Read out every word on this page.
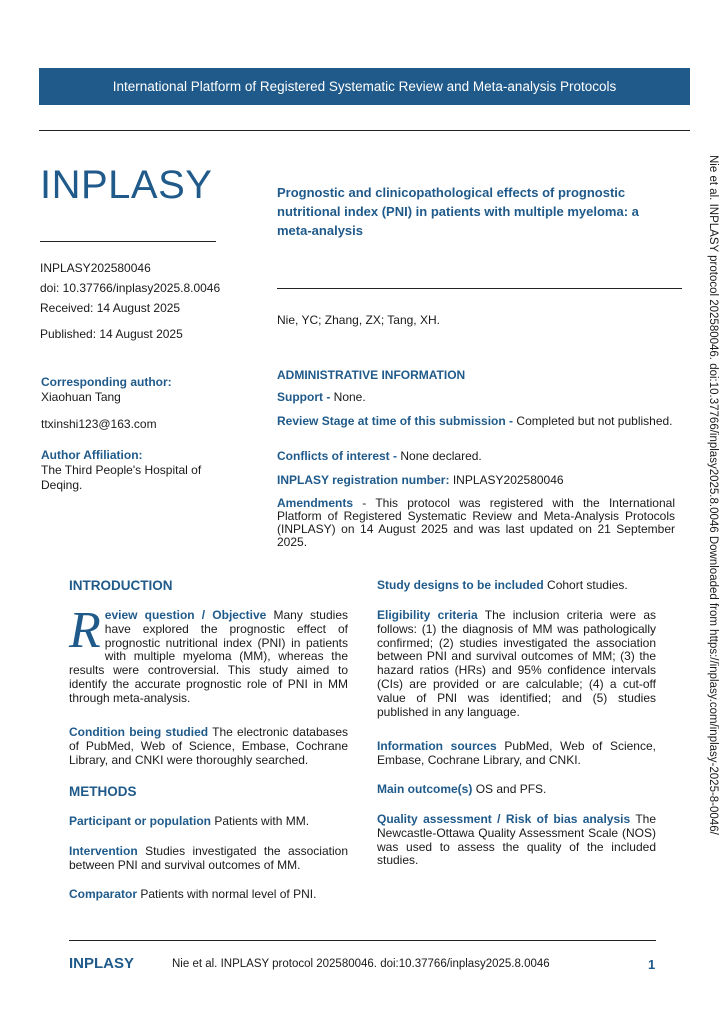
International Platform of Registered Systematic Review and Meta-analysis Protocols
INPLASY
INPLASY202580046
doi: 10.37766/inplasy2025.8.0046
Received: 14 August 2025
Published: 14 August 2025
Prognostic and clinicopathological effects of prognostic nutritional index (PNI) in patients with multiple myeloma: a meta-analysis
Nie, YC; Zhang, ZX; Tang, XH.
Corresponding author:
Xiaohuan Tang
ttxinshi123@163.com
Author Affiliation:
The Third People's Hospital of Deqing.
ADMINISTRATIVE INFORMATION
Support - None.
Review Stage at time of this submission - Completed but not published.
Conflicts of interest - None declared.
INPLASY registration number: INPLASY202580046
Amendments - This protocol was registered with the International Platform of Registered Systematic Review and Meta-Analysis Protocols (INPLASY) on 14 August 2025 and was last updated on 21 September 2025.
INTRODUCTION
R eview question / Objective Many studies have explored the prognostic effect of prognostic nutritional index (PNI) in patients with multiple myeloma (MM), whereas the results were controversial. This study aimed to identify the accurate prognostic role of PNI in MM through meta-analysis.
Condition being studied The electronic databases of PubMed, Web of Science, Embase, Cochrane Library, and CNKI were thoroughly searched.
METHODS
Participant or population Patients with MM.
Intervention Studies investigated the association between PNI and survival outcomes of MM.
Comparator Patients with normal level of PNI.
Study designs to be included Cohort studies.
Eligibility criteria The inclusion criteria were as follows: (1) the diagnosis of MM was pathologically confirmed; (2) studies investigated the association between PNI and survival outcomes of MM; (3) the hazard ratios (HRs) and 95% confidence intervals (CIs) are provided or are calculable; (4) a cut-off value of PNI was identified; and (5) studies published in any language.
Information sources PubMed, Web of Science, Embase, Cochrane Library, and CNKI.
Main outcome(s) OS and PFS.
Quality assessment / Risk of bias analysis The Newcastle-Ottawa Quality Assessment Scale (NOS) was used to assess the quality of the included studies.
Nie et al. INPLASY protocol 202580046. doi:10.37766/inplasy2025.8.0046 Downloaded from https://inplasy.com/inplasy-2025-8-0046/
INPLASY	Nie et al. INPLASY protocol 202580046. doi:10.37766/inplasy2025.8.0046	1
